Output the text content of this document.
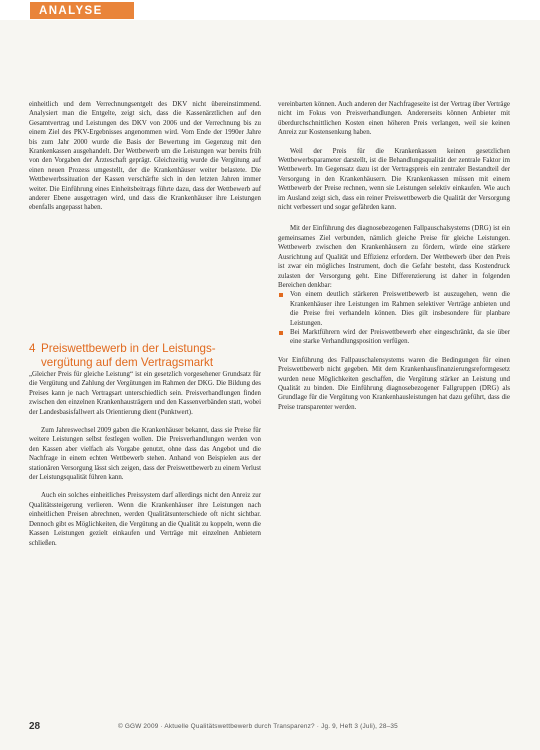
ANALYSE

einheitlich und dem Verrechnungsentgelt des DKV nicht übereinstimmend. Analysiert man die Entgelte, zeigt sich, dass die Kassenärztlichen auf den Gesamtvertrag und Leistungen des DKV von 2006 und der Verrechnung bis zu einem Ziel des PKV-Ergebnisses angenommen wird. Vom Ende der 1990er Jahre bis zum Jahr 2000 wurde die Basis der Bewertung im Gegenzug mit den Krankenkassen ausgehandelt. Der Wettbewerb um die Leistungen war bereits früh von den Vorgaben der Ärzteschaft geprägt. Gleichzeitig wurde die Vergütung auf einen neuen Prozess umgestellt, der die Krankenhäuser weiter belastete. Die Wettbewerbssituation der Kassen verschärfte sich in den letzten Jahren immer weiter. Die Einführung eines Einheitsbeitrags führte dazu, dass der Wettbewerb auf anderer Ebene ausgetragen wird, und dass die Krankenhäuser ihre Leistungen ebenfalls angepasst haben.

4 Preiswettbewerb in der Leistungs-
vergütung auf dem Vertragsmarkt

„Gleicher Preis für gleiche Leistung“ ist ein gesetzlich vorgesehener Grundsatz für die Vergütung und Zahlung der Vergütungen im Rahmen der DKG. Die Bildung des Preises kann je nach Vertragsart unterschiedlich sein. Preisverhandlungen finden zwischen den einzelnen Krankenhausträgern und den Kassenverbänden statt, wobei der Landesbasisfallwert als Orientierung dient (Punktwert).

Zum Jahreswechsel 2009 gaben die Krankenhäuser bekannt, dass sie Preise für weitere Leistungen selbst festlegen wollen. Die Preisverhandlungen werden von den Kassen aber vielfach als Vorgabe genutzt, ohne dass das Angebot und die Nachfrage in einem echten Wettbewerb stehen. Anhand von Beispielen aus der stationären Versorgung lässt sich zeigen, dass der Preiswettbewerb zu einem Verlust der Leistungsqualität führen kann.

Auch ein solches einheitliches Preissystem darf allerdings nicht den Anreiz zur Qualitätssteigerung verlieren. Wenn die Krankenhäuser ihre Leistungen nach einheitlichen Preisen abrechnen, werden Qualitätsunterschiede oft nicht sichtbar. Dennoch gibt es Möglichkeiten, die Vergütung an die Qualität zu koppeln, wenn die Kassen Leistungen gezielt einkaufen und Verträge mit einzelnen Anbietern schließen.

vereinbarten können. Auch anderen der Nachfrageseite ist der Vertrag über Verträge nicht im Fokus von Preisverhandlungen. Andererseits können Anbieter mit überdurchschnittlichen Kosten einen höheren Preis verlangen, weil sie keinen Anreiz zur Kostensenkung haben.

Weil der Preis für die Krankenkassen keinen gesetzlichen Wettbewerbsparameter darstellt, ist die Behandlungsqualität der zentrale Faktor im Wettbewerb. Im Gegensatz dazu ist der Vertragspreis ein zentraler Bestandteil der Versorgung in den Krankenhäusern. Die Krankenkassen müssen mit einem Wettbewerb der Preise rechnen, wenn sie Leistungen selektiv einkaufen. Wie auch im Ausland zeigt sich, dass ein reiner Preiswettbewerb die Qualität der Versorgung nicht verbessert und sogar gefährden kann.

Mit der Einführung des diagnosebezogenen Fallpauschalsystems (DRG) ist ein gemeinsames Ziel verbunden, nämlich gleiche Preise für gleiche Leistungen. Wettbewerb zwischen den Krankenhäusern zu fördern, würde eine stärkere Ausrichtung auf Qualität und Effizienz erfordern. Der Wettbewerb über den Preis ist zwar ein mögliches Instrument, doch die Gefahr besteht, dass Kostendruck zulasten der Versorgung geht. Eine Differenzierung ist daher in folgenden Bereichen denkbar:

Von einem deutlich stärkeren Preiswettbewerb ist auszugehen, wenn die Krankenhäuser ihre Leistungen im Rahmen selektiver Verträge anbieten und die Preise frei verhandeln können. Dies gilt insbesondere für planbare Leistungen.
Bei Marktführern wird der Preiswettbewerb eher eingeschränkt, da sie über eine starke Verhandlungsposition verfügen.

Vor Einführung des Fallpauschalensystems waren die Bedingungen für einen Preiswettbewerb nicht gegeben. Mit dem Krankenhausfinanzierungsreformgesetz wurden neue Möglichkeiten geschaffen, die Vergütung stärker an Leistung und Qualität zu binden. Die Einführung diagnosebezogener Fallgruppen (DRG) als Grundlage für die Vergütung von Krankenhausleistungen hat dazu geführt, dass die Preise transparenter werden.

28	© GGW 2009 · Aktuelle Qualitätswettbewerb durch Transparenz? · Jg. 9, Heft 3 (Juli), 28–35
